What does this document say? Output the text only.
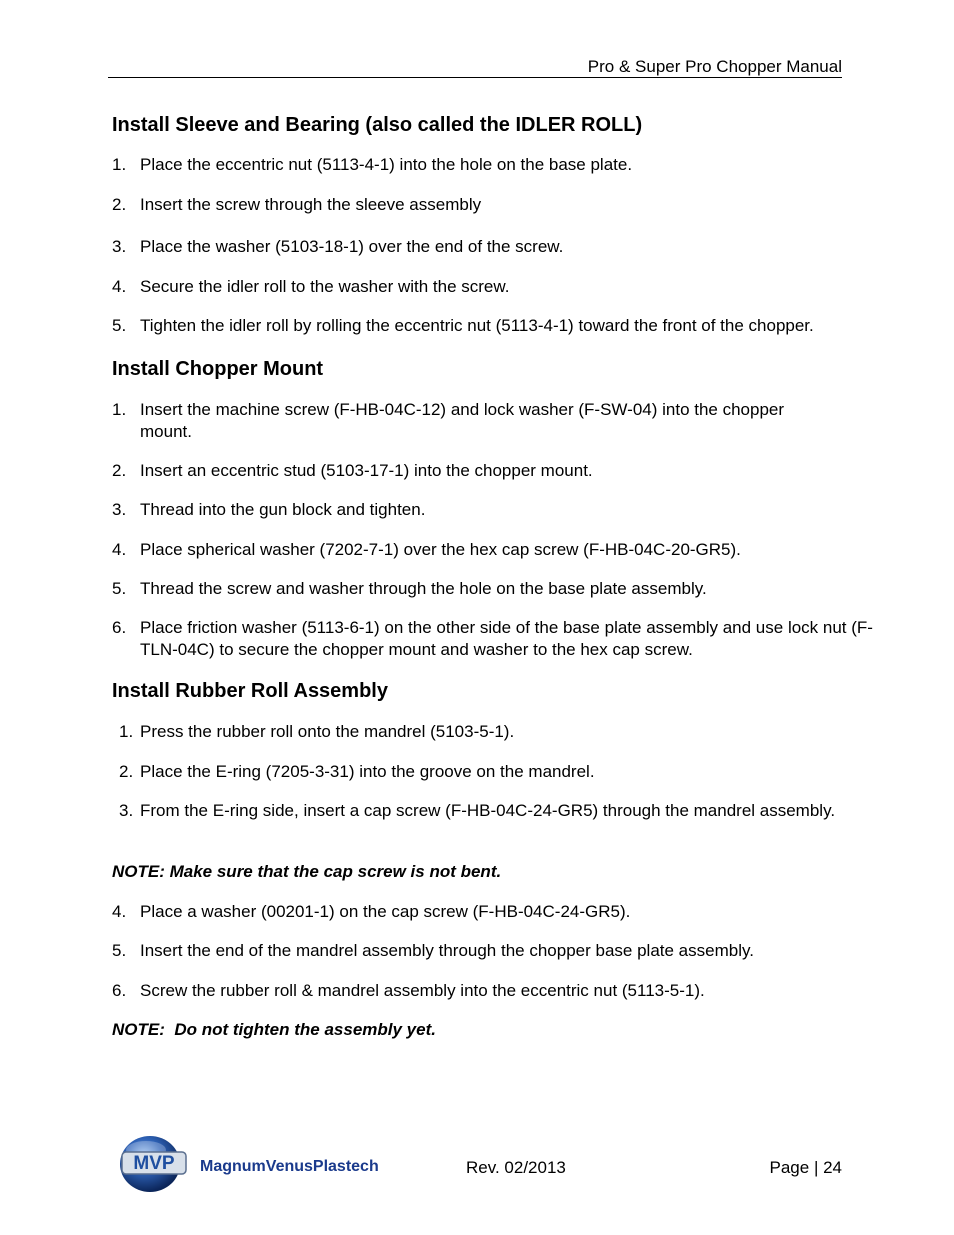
Pro & Super Pro Chopper Manual
Install Sleeve and Bearing (also called the IDLER ROLL)
1. Place the eccentric nut (5113-4-1) into the hole on the base plate.
2. Insert the screw through the sleeve assembly
3. Place the washer (5103-18-1) over the end of the screw.
4. Secure the idler roll to the washer with the screw.
5. Tighten the idler roll by rolling the eccentric nut (5113-4-1) toward the front of the chopper.
Install Chopper Mount
1. Insert the machine screw (F-HB-04C-12) and lock washer (F-SW-04) into the chopper mount.
2. Insert an eccentric stud (5103-17-1) into the chopper mount.
3. Thread into the gun block and tighten.
4. Place spherical washer (7202-7-1) over the hex cap screw (F-HB-04C-20-GR5).
5. Thread the screw and washer through the hole on the base plate assembly.
6. Place friction washer (5113-6-1) on the other side of the base plate assembly and use lock nut (F-TLN-04C) to secure the chopper mount and washer to the hex cap screw.
Install Rubber Roll Assembly
1. Press the rubber roll onto the mandrel (5103-5-1).
2. Place the E-ring (7205-3-31) into the groove on the mandrel.
3. From the E-ring side, insert a cap screw (F-HB-04C-24-GR5) through the mandrel assembly.
NOTE: Make sure that the cap screw is not bent.
4. Place a washer (00201-1) on the cap screw (F-HB-04C-24-GR5).
5. Insert the end of the mandrel assembly through the chopper base plate assembly.
6. Screw the rubber roll & mandrel assembly into the eccentric nut (5113-5-1).
NOTE:  Do not tighten the assembly yet.
MVP MagnumVenusPlastech	Rev. 02/2013	Page | 24
